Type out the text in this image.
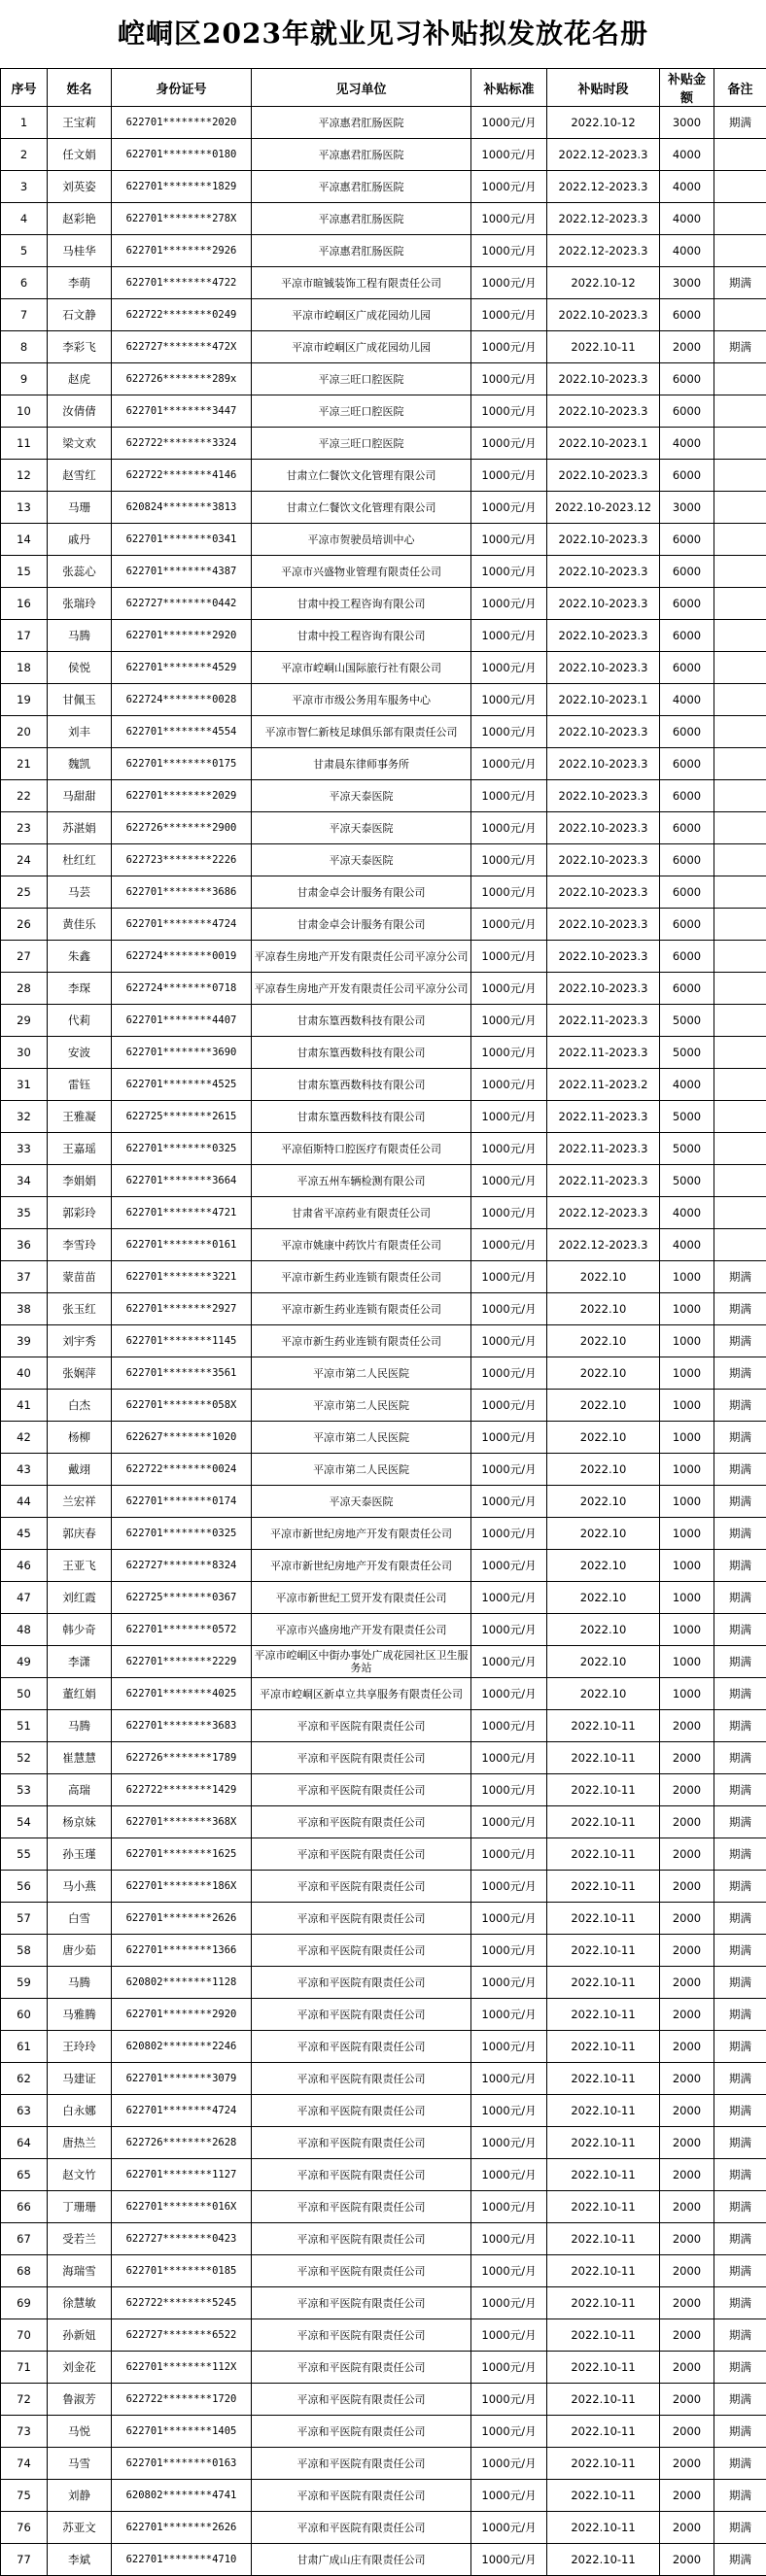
崆峒区2023年就业见习补贴拟发放花名册
序号	姓名	身份证号	见习单位	补贴标准	补贴时段	补贴金额	备注
1	王宝莉	622701********2020	平凉惠君肛肠医院	1000元/月	2022.10-12	3000	期满
2	任文娟	622701********0180	平凉惠君肛肠医院	1000元/月	2022.12-2023.3	4000	
3	刘英姿	622701********1829	平凉惠君肛肠医院	1000元/月	2022.12-2023.3	4000	
4	赵彩艳	622701********278X	平凉惠君肛肠医院	1000元/月	2022.12-2023.3	4000	
5	马桂华	622701********2926	平凉惠君肛肠医院	1000元/月	2022.12-2023.3	4000	
6	李萌	622701********4722	平凉市暄铖装饰工程有限责任公司	1000元/月	2022.10-12	3000	期满
7	石文静	622722********0249	平凉市崆峒区广成花园幼儿园	1000元/月	2022.10-2023.3	6000	
8	李彩飞	622727********472X	平凉市崆峒区广成花园幼儿园	1000元/月	2022.10-11	2000	期满
9	赵虎	622726********289x	平凉三旺口腔医院	1000元/月	2022.10-2023.3	6000	
10	汝倩倩	622701********3447	平凉三旺口腔医院	1000元/月	2022.10-2023.3	6000	
11	梁文欢	622722********3324	平凉三旺口腔医院	1000元/月	2022.10-2023.1	4000	
12	赵雪红	622722********4146	甘肃立仁餐饮文化管理有限公司	1000元/月	2022.10-2023.3	6000	
13	马珊	620824********3813	甘肃立仁餐饮文化管理有限公司	1000元/月	2022.10-2023.12	3000	
14	戚丹	622701********0341	平凉市贺驶员培训中心	1000元/月	2022.10-2023.3	6000	
15	张蕊心	622701********4387	平凉市兴盛物业管理有限责任公司	1000元/月	2022.10-2023.3	6000	
16	张瑞玲	622727********0442	甘肃中投工程咨询有限公司	1000元/月	2022.10-2023.3	6000	
17	马腾	622701********2920	甘肃中投工程咨询有限公司	1000元/月	2022.10-2023.3	6000	
18	侯悦	622701********4529	平凉市崆峒山国际旅行社有限公司	1000元/月	2022.10-2023.3	6000	
19	甘佩玉	622724********0028	平凉市市级公务用车服务中心	1000元/月	2022.10-2023.1	4000	
20	刘丰	622701********4554	平凉市智仁新枝足球俱乐部有限责任公司	1000元/月	2022.10-2023.3	6000	
21	魏凯	622701********0175	甘肃晨东律师事务所	1000元/月	2022.10-2023.3	6000	
22	马甜甜	622701********2029	平凉天泰医院	1000元/月	2022.10-2023.3	6000	
23	苏湛娟	622726********2900	平凉天泰医院	1000元/月	2022.10-2023.3	6000	
24	杜红红	622723********2226	平凉天泰医院	1000元/月	2022.10-2023.3	6000	
25	马芸	622701********3686	甘肃金卓会计服务有限公司	1000元/月	2022.10-2023.3	6000	
26	黄佳乐	622701********4724	甘肃金卓会计服务有限公司	1000元/月	2022.10-2023.3	6000	
27	朱鑫	622724********0019	平凉春生房地产开发有限责任公司平凉分公司	1000元/月	2022.10-2023.3	6000	
28	李琛	622724********0718	平凉春生房地产开发有限责任公司平凉分公司	1000元/月	2022.10-2023.3	6000	
29	代莉	622701********4407	甘肃东篁西数科技有限公司	1000元/月	2022.11-2023.3	5000	
30	安波	622701********3690	甘肃东篁西数科技有限公司	1000元/月	2022.11-2023.3	5000	
31	雷钰	622701********4525	甘肃东篁西数科技有限公司	1000元/月	2022.11-2023.2	4000	
32	王雅凝	622725********2615	甘肃东篁西数科技有限公司	1000元/月	2022.11-2023.3	5000	
33	王嘉瑶	622701********0325	平凉佰斯特口腔医疗有限责任公司	1000元/月	2022.11-2023.3	5000	
34	李娟娟	622701********3664	平凉五州车辆检测有限公司	1000元/月	2022.11-2023.3	5000	
35	郭彩玲	622701********4721	甘肃省平凉药业有限责任公司	1000元/月	2022.12-2023.3	4000	
36	李雪玲	622701********0161	平凉市姚康中药饮片有限责任公司	1000元/月	2022.12-2023.3	4000	
37	蒙苗苗	622701********3221	平凉市新生药业连锁有限责任公司	1000元/月	2022.10	1000	期满
38	张玉红	622701********2927	平凉市新生药业连锁有限责任公司	1000元/月	2022.10	1000	期满
39	刘宇秀	622701********1145	平凉市新生药业连锁有限责任公司	1000元/月	2022.10	1000	期满
40	张娴萍	622701********3561	平凉市第二人民医院	1000元/月	2022.10	1000	期满
41	白杰	622701********058X	平凉市第二人民医院	1000元/月	2022.10	1000	期满
42	杨柳	622627********1020	平凉市第二人民医院	1000元/月	2022.10	1000	期满
43	戴翊	622722********0024	平凉市第二人民医院	1000元/月	2022.10	1000	期满
44	兰宏祥	622701********0174	平凉天泰医院	1000元/月	2022.10	1000	期满
45	郭庆春	622701********0325	平凉市新世纪房地产开发有限责任公司	1000元/月	2022.10	1000	期满
46	王亚飞	622727********8324	平凉市新世纪房地产开发有限责任公司	1000元/月	2022.10	1000	期满
47	刘红霞	622725********0367	平凉市新世纪工贸开发有限责任公司	1000元/月	2022.10	1000	期满
48	韩少奇	622701********0572	平凉市兴盛房地产开发有限责任公司	1000元/月	2022.10	1000	期满
49	李潇	622701********2229	平凉市崆峒区中街办事处广成花园社区卫生服务站	1000元/月	2022.10	1000	期满
50	董红娟	622701********4025	平凉市崆峒区新卓立共享服务有限责任公司	1000元/月	2022.10	1000	期满
51	马腾	622701********3683	平凉和平医院有限责任公司	1000元/月	2022.10-11	2000	期满
52	崔慧慧	622726********1789	平凉和平医院有限责任公司	1000元/月	2022.10-11	2000	期满
53	高瑞	622722********1429	平凉和平医院有限责任公司	1000元/月	2022.10-11	2000	期满
54	杨京妹	622701********368X	平凉和平医院有限责任公司	1000元/月	2022.10-11	2000	期满
55	孙玉瑾	622701********1625	平凉和平医院有限责任公司	1000元/月	2022.10-11	2000	期满
56	马小燕	622701********186X	平凉和平医院有限责任公司	1000元/月	2022.10-11	2000	期满
57	白雪	622701********2626	平凉和平医院有限责任公司	1000元/月	2022.10-11	2000	期满
58	唐少茹	622701********1366	平凉和平医院有限责任公司	1000元/月	2022.10-11	2000	期满
59	马腾	620802********1128	平凉和平医院有限责任公司	1000元/月	2022.10-11	2000	期满
60	马雅腾	622701********2920	平凉和平医院有限责任公司	1000元/月	2022.10-11	2000	期满
61	王玲玲	620802********2246	平凉和平医院有限责任公司	1000元/月	2022.10-11	2000	期满
62	马建证	622701********3079	平凉和平医院有限责任公司	1000元/月	2022.10-11	2000	期满
63	白永娜	622701********4724	平凉和平医院有限责任公司	1000元/月	2022.10-11	2000	期满
64	唐热兰	622726********2628	平凉和平医院有限责任公司	1000元/月	2022.10-11	2000	期满
65	赵文竹	622701********1127	平凉和平医院有限责任公司	1000元/月	2022.10-11	2000	期满
66	丁珊珊	622701********016X	平凉和平医院有限责任公司	1000元/月	2022.10-11	2000	期满
67	受若兰	622727********0423	平凉和平医院有限责任公司	1000元/月	2022.10-11	2000	期满
68	海瑞雪	622701********0185	平凉和平医院有限责任公司	1000元/月	2022.10-11	2000	期满
69	徐慧敏	622722********5245	平凉和平医院有限责任公司	1000元/月	2022.10-11	2000	期满
70	孙新妞	622727********6522	平凉和平医院有限责任公司	1000元/月	2022.10-11	2000	期满
71	刘金花	622701********112X	平凉和平医院有限责任公司	1000元/月	2022.10-11	2000	期满
72	鲁淑芳	622722********1720	平凉和平医院有限责任公司	1000元/月	2022.10-11	2000	期满
73	马悦	622701********1405	平凉和平医院有限责任公司	1000元/月	2022.10-11	2000	期满
74	马雪	622701********0163	平凉和平医院有限责任公司	1000元/月	2022.10-11	2000	期满
75	刘静	620802********4741	平凉和平医院有限责任公司	1000元/月	2022.10-11	2000	期满
76	苏亚文	622701********2626	平凉和平医院有限责任公司	1000元/月	2022.10-11	2000	期满
77	李斌	622701********4710	甘肃广成山庄有限责任公司	1000元/月	2022.10-11	2000	期满
